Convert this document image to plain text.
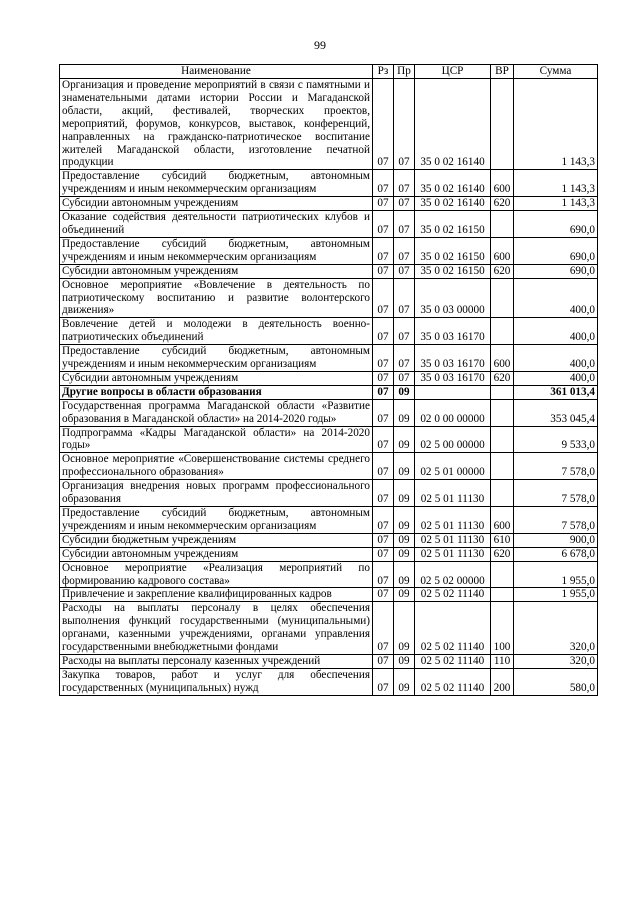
99
Наименование	Рз	Пр	ЦСР	ВР	Сумма
Организация и проведение мероприятий в связи с памятными и знаменательными датами истории России и Магаданской области, акций, фестивалей, творческих проектов, мероприятий, форумов, конкурсов, выставок, конференций, направленных на гражданско-патриотическое воспитание жителей Магаданской области, изготовление печатной продукции	07	07	35 0 02 16140		1 143,3
Предоставление субсидий бюджетным, автономным учреждениям и иным некоммерческим организациям	07	07	35 0 02 16140	600	1 143,3
Субсидии автономным учреждениям	07	07	35 0 02 16140	620	1 143,3
Оказание содействия деятельности патриотических клубов и объединений	07	07	35 0 02 16150		690,0
Предоставление субсидий бюджетным, автономным учреждениям и иным некоммерческим организациям	07	07	35 0 02 16150	600	690,0
Субсидии автономным учреждениям	07	07	35 0 02 16150	620	690,0
Основное мероприятие «Вовлечение в деятельность по патриотическому воспитанию и развитие волонтерского движения»	07	07	35 0 03 00000		400,0
Вовлечение детей и молодежи в деятельность военно-патриотических объединений	07	07	35 0 03 16170		400,0
Предоставление субсидий бюджетным, автономным учреждениям и иным некоммерческим организациям	07	07	35 0 03 16170	600	400,0
Субсидии автономным учреждениям	07	07	35 0 03 16170	620	400,0
Другие вопросы в области образования	07	09			361 013,4
Государственная программа Магаданской области «Развитие образования в Магаданской области» на 2014-2020 годы»	07	09	02 0 00 00000		353 045,4
Подпрограмма «Кадры Магаданской области» на 2014-2020 годы»	07	09	02 5 00 00000		9 533,0
Основное мероприятие «Совершенствование системы среднего профессионального образования»	07	09	02 5 01 00000		7 578,0
Организация внедрения новых программ профессионального образования	07	09	02 5 01 11130		7 578,0
Предоставление субсидий бюджетным, автономным учреждениям и иным некоммерческим организациям	07	09	02 5 01 11130	600	7 578,0
Субсидии бюджетным учреждениям	07	09	02 5 01 11130	610	900,0
Субсидии автономным учреждениям	07	09	02 5 01 11130	620	6 678,0
Основное мероприятие «Реализация мероприятий по формированию кадрового состава»	07	09	02 5 02 00000		1 955,0
Привлечение и закрепление квалифицированных кадров	07	09	02 5 02 11140		1 955,0
Расходы на выплаты персоналу в целях обеспечения выполнения функций государственными (муниципальными) органами, казенными учреждениями, органами управления государственными внебюджетными фондами	07	09	02 5 02 11140	100	320,0
Расходы на выплаты персоналу казенных учреждений	07	09	02 5 02 11140	110	320,0
Закупка товаров, работ и услуг для обеспечения государственных (муниципальных) нужд	07	09	02 5 02 11140	200	580,0
